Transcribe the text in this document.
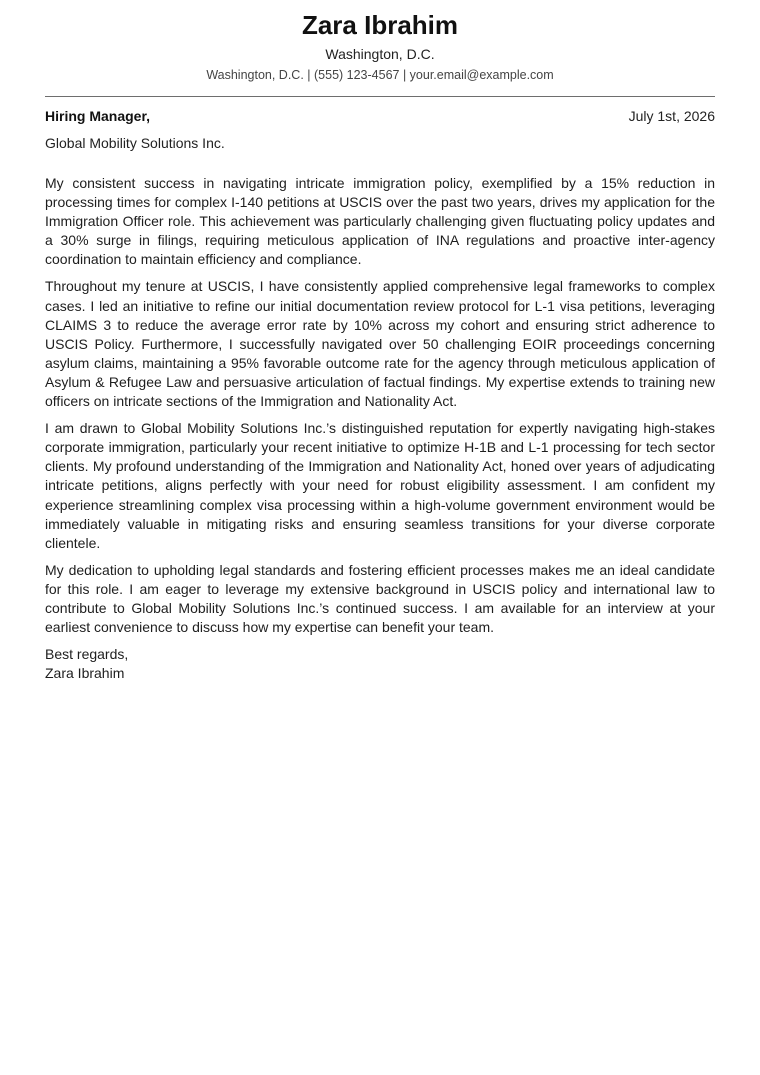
Zara Ibrahim
Washington, D.C.
Washington, D.C. | (555) 123-4567 | your.email@example.com
Hiring Manager,	July 1st, 2026
Global Mobility Solutions Inc.

My consistent success in navigating intricate immigration policy, exemplified by a 15% reduction in processing times for complex I-140 petitions at USCIS over the past two years, drives my application for the Immigration Officer role. This achievement was particularly challenging given fluctuating policy updates and a 30% surge in filings, requiring meticulous application of INA regulations and proactive inter-agency coordination to maintain efficiency and compliance.

Throughout my tenure at USCIS, I have consistently applied comprehensive legal frameworks to complex cases. I led an initiative to refine our initial documentation review protocol for L-1 visa petitions, leveraging CLAIMS 3 to reduce the average error rate by 10% across my cohort and ensuring strict adherence to USCIS Policy. Furthermore, I successfully navigated over 50 challenging EOIR proceedings concerning asylum claims, maintaining a 95% favorable outcome rate for the agency through meticulous application of Asylum & Refugee Law and persuasive articulation of factual findings. My expertise extends to training new officers on intricate sections of the Immigration and Nationality Act.

I am drawn to Global Mobility Solutions Inc.’s distinguished reputation for expertly navigating high-stakes corporate immigration, particularly your recent initiative to optimize H-1B and L-1 processing for tech sector clients. My profound understanding of the Immigration and Nationality Act, honed over years of adjudicating intricate petitions, aligns perfectly with your need for robust eligibility assessment. I am confident my experience streamlining complex visa processing within a high-volume government environment would be immediately valuable in mitigating risks and ensuring seamless transitions for your diverse corporate clientele.

My dedication to upholding legal standards and fostering efficient processes makes me an ideal candidate for this role. I am eager to leverage my extensive background in USCIS policy and international law to contribute to Global Mobility Solutions Inc.’s continued success. I am available for an interview at your earliest convenience to discuss how my expertise can benefit your team.

Best regards,
Zara Ibrahim
